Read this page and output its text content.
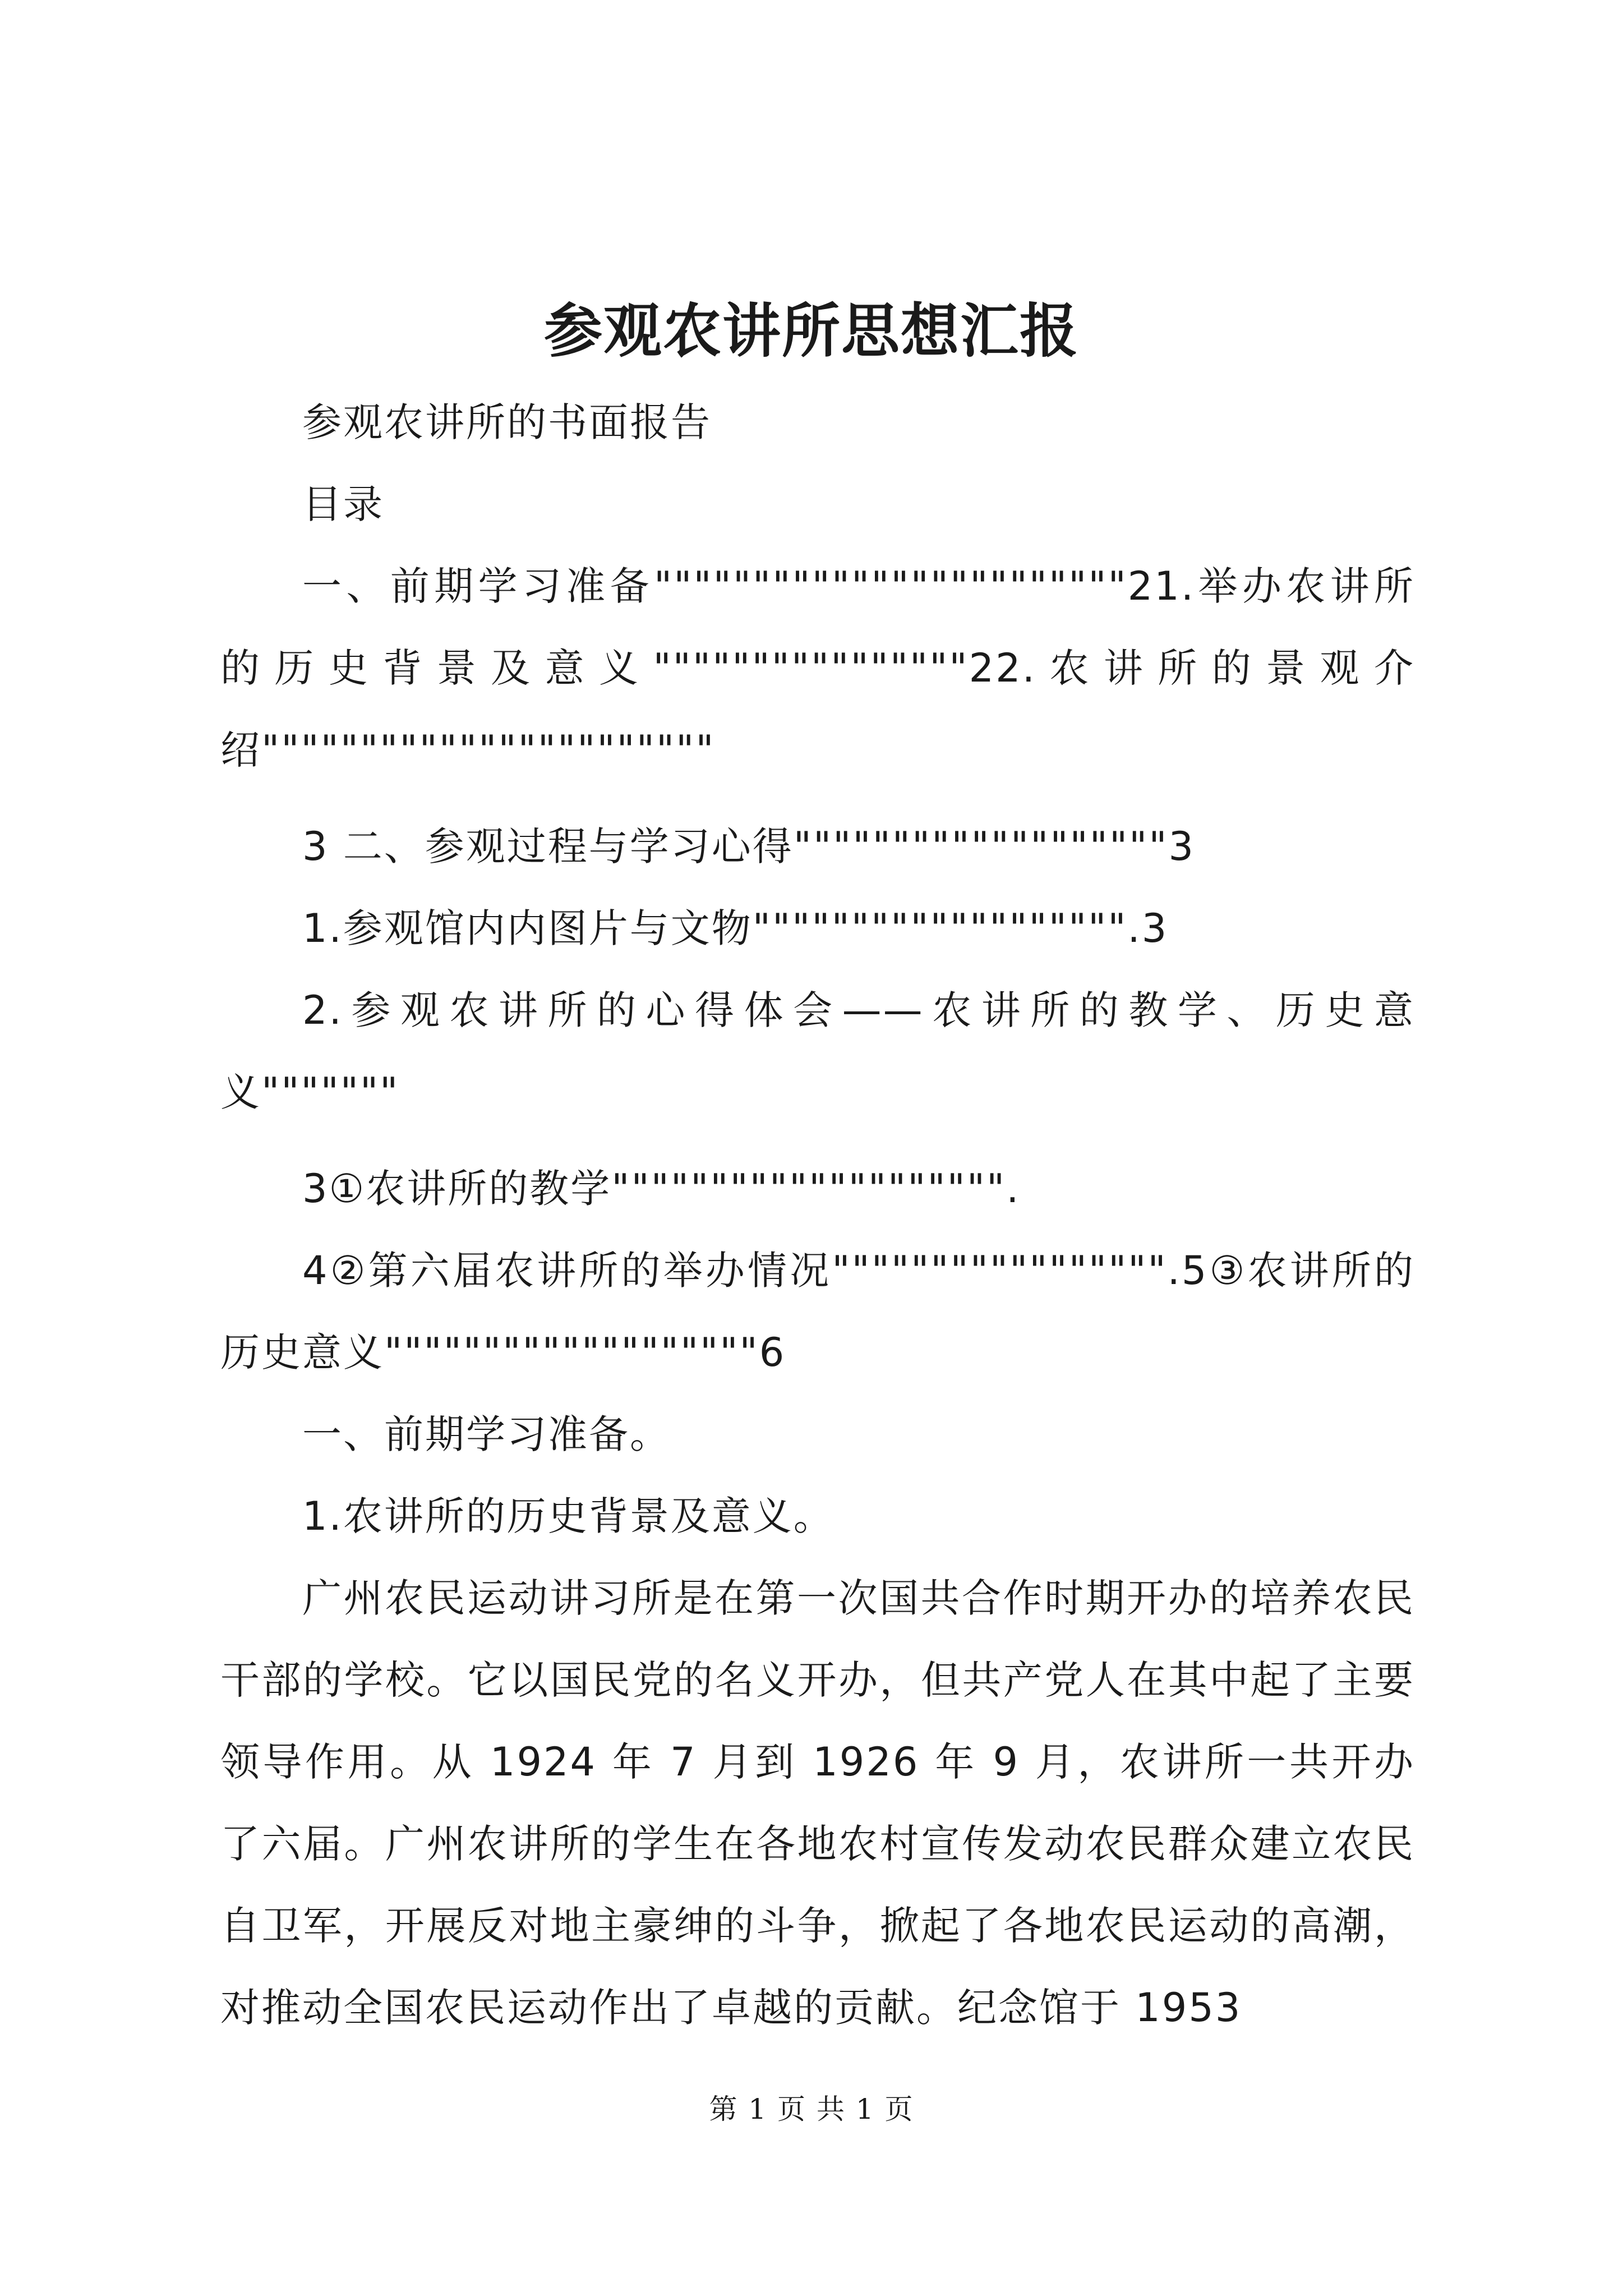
参观农讲所思想汇报

参观农讲所的书面报告

目录

一、前期学习准备""""""""""""""""""""""""21.举办农讲所的历史背景及意义""""""""""""""""22.农讲所的景观介绍"""""""""""""""""""""""

3 二、参观过程与学习心得"""""""""""""""""""3

1.参观馆内内图片与文物""""""""""""""""""".3

2.参观农讲所的心得体会——农讲所的教学、历史意义"""""""

3①农讲所的教学"""""""""""""""""""".

4②第六届农讲所的举办情况""""""""""""""""".5③农讲所的历史意义"""""""""""""""""""6

一、前期学习准备。

1.农讲所的历史背景及意义。

广州农民运动讲习所是在第一次国共合作时期开办的培养农民干部的学校。它以国民党的名义开办，但共产党人在其中起了主要领导作用。从 1924 年 7 月到 1926 年 9 月，农讲所一共开办了六届。广州农讲所的学生在各地农村宣传发动农民群众建立农民自卫军，开展反对地主豪绅的斗争，掀起了各地农民运动的高潮，对推动全国农民运动作出了卓越的贡献。纪念馆于 1953

第 1 页 共 1 页
